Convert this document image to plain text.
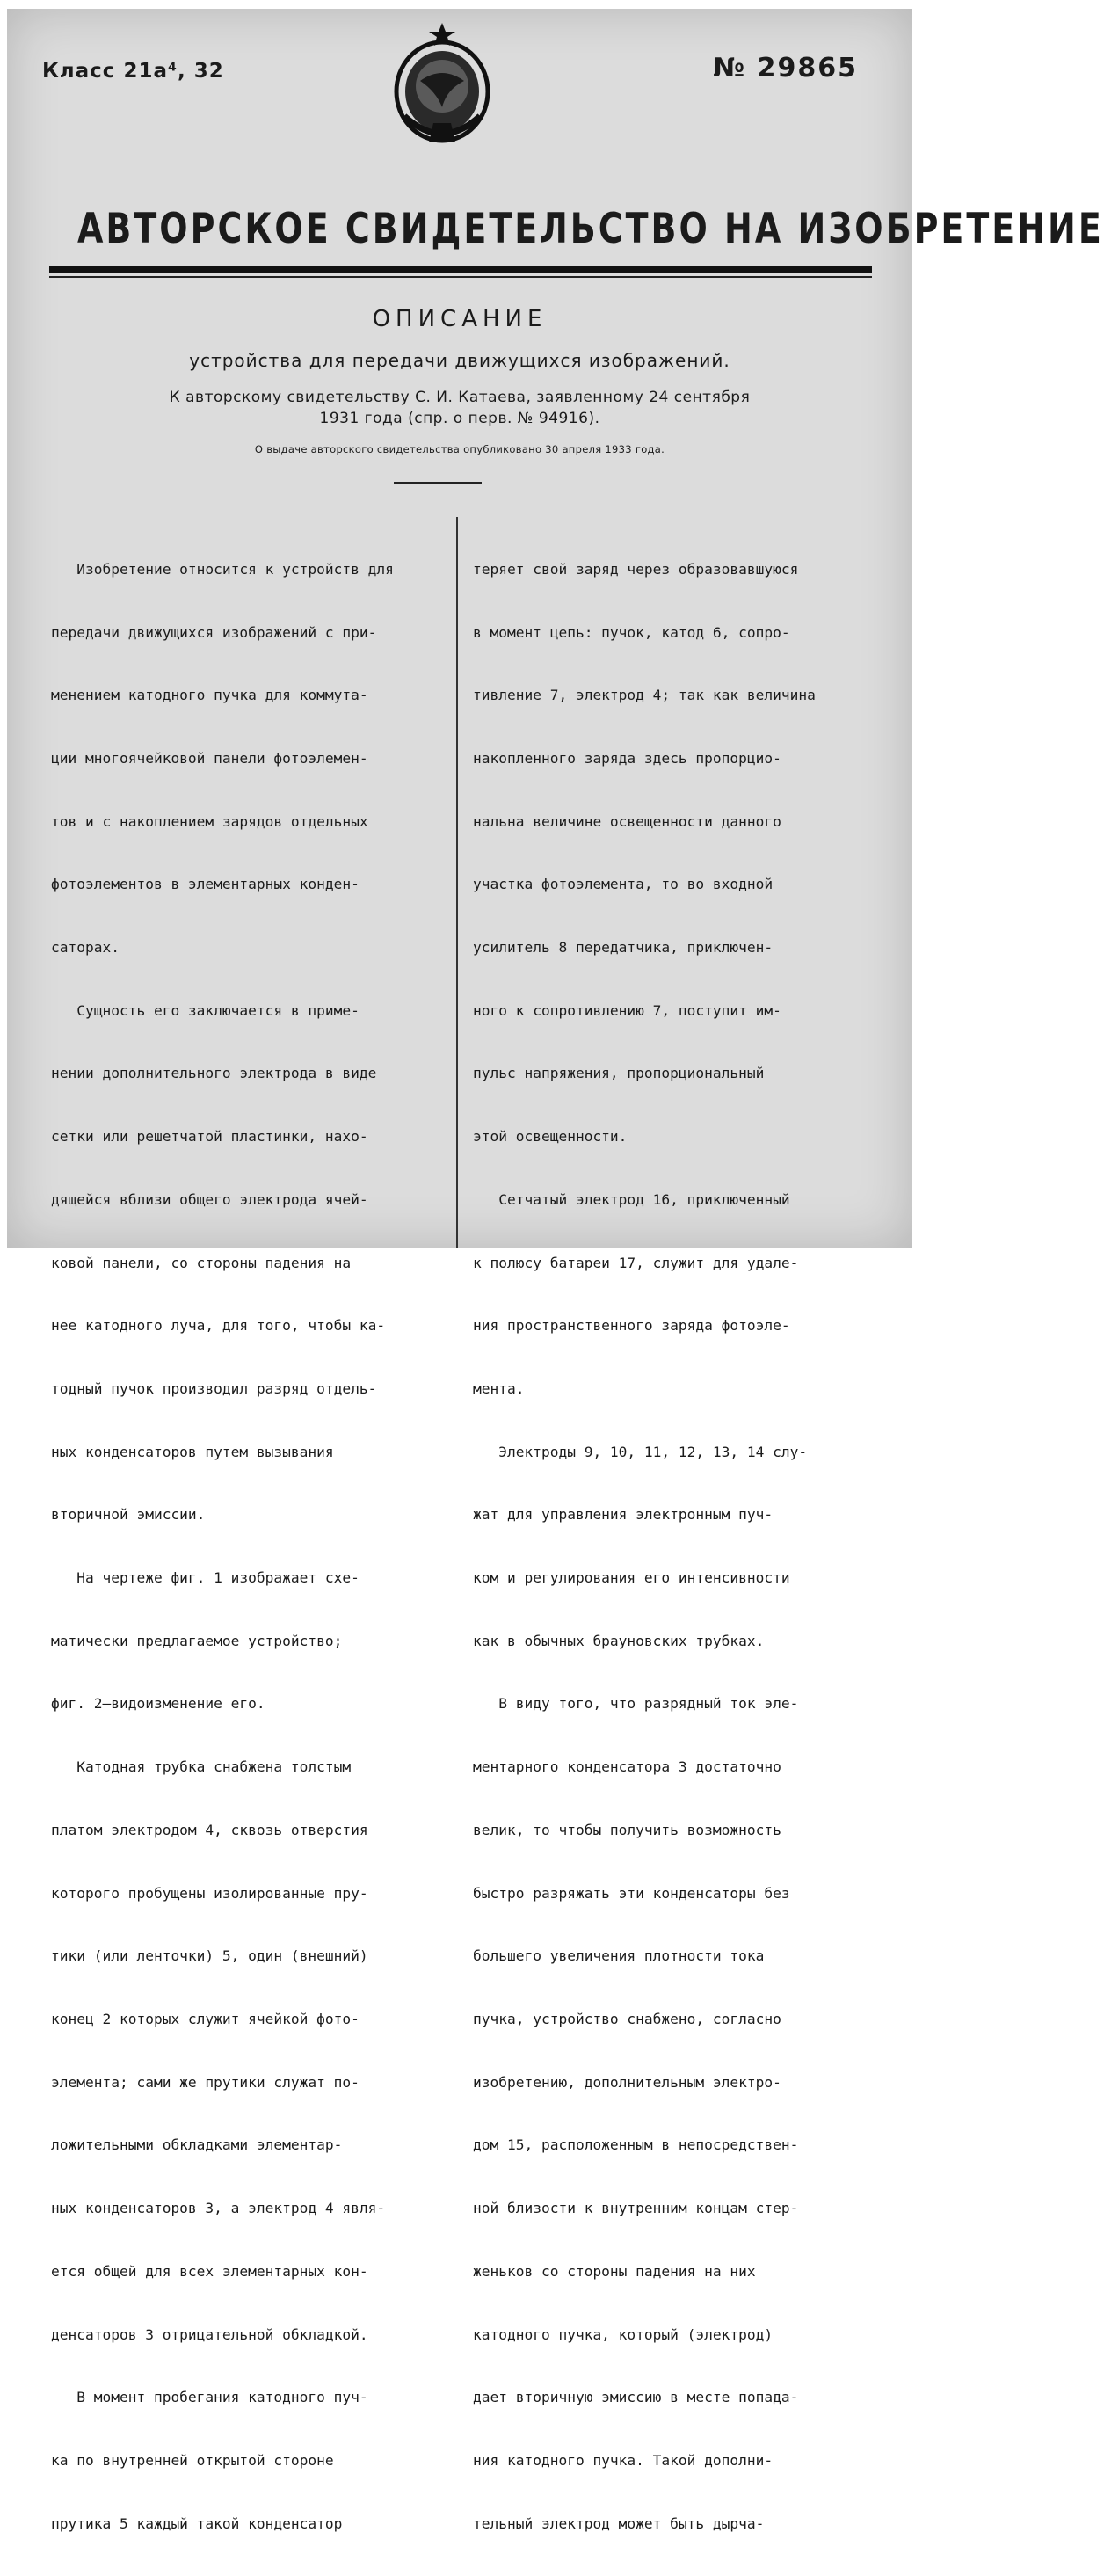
Класс 21а⁴, 32	№ 29865
АВТОРСКОЕ СВИДЕТЕЛЬСТВО НА ИЗОБРЕТЕНИЕ
ОПИСАНИЕ
устройства для передачи движущихся изображений.
К авторскому свидетельству С. И. Катаева, заявленному 24 сентября
1931 года (спр. о перв. № 94916).
О выдаче авторского свидетельства опубликовано 30 апреля 1933 года.

Изобретение относится к устройств для

передачи движущихся изображений с при-

менением катодного пучка для коммута-

ции многоячейковой панели фотоэлемен-

тов и с накоплением зарядов отдельных

фотоэлементов в элементарных конден-

саторах.

Сущность его заключается в приме-

нении дополнительного электрода в виде

сетки или решетчатой пластинки, нахо-

дящейся вблизи общего электрода ячей-

ковой панели, со стороны падения на

нее катодного луча, для того, чтобы ка-

тодный пучок производил разряд отдель-

ных конденсаторов путем вызывания

вторичной эмиссии.

На чертеже фиг. 1 изображает схе-

матически предлагаемое устройство;

фиг. 2—видоизменение его.

Катодная трубка снабжена толстым

платом электродом 4, сквозь отверстия

которого пробущены изолированные пру-

тики (или ленточки) 5, один (внешний)

конец 2 которых служит ячейкой фото-

элемента; сами же прутики служат по-

ложительными обкладками элементар-

ных конденсаторов 3, а электрод 4 явля-

ется общей для всех элементарных кон-

денсаторов 3 отрицательной обкладкой.

В момент пробегания катодного пуч-

ка по внутренней открытой стороне

прутика 5 каждый такой конденсатор

теряет свой заряд через образовавшуюся

в момент цепь: пучок, катод 6, сопро-

тивление 7, электрод 4; так как величина

накопленного заряда здесь пропорцио-

нальна величине освещенности данного

участка фотоэлемента, то во входной

усилитель 8 передатчика, приключен-

ного к сопротивлению 7, поступит им-

пульс напряжения, пропорциональный

этой освещенности.

Сетчатый электрод 16, приключенный

к полюсу батареи 17, служит для удале-

ния пространственного заряда фотоэле-

мента.

Электроды 9, 10, 11, 12, 13, 14 слу-

жат для управления электронным пуч-

ком и регулирования его интенсивности

как в обычных брауновских трубках.

В виду того, что разрядный ток эле-

ментарного конденсатора 3 достаточно

велик, то чтобы получить возможность

быстро разряжать эти конденсаторы без

большего увеличения плотности тока

пучка, устройство снабжено, согласно

изобретению, дополнительным электро-

дом 15, расположенным в непосредствен-

ной близости к внутренним концам стер-

женьков со стороны падения на них

катодного пучка, который (электрод)

дает вторичную эмиссию в месте попада-

ния катодного пучка. Такой дополни-

тельный электрод может быть дырча-
